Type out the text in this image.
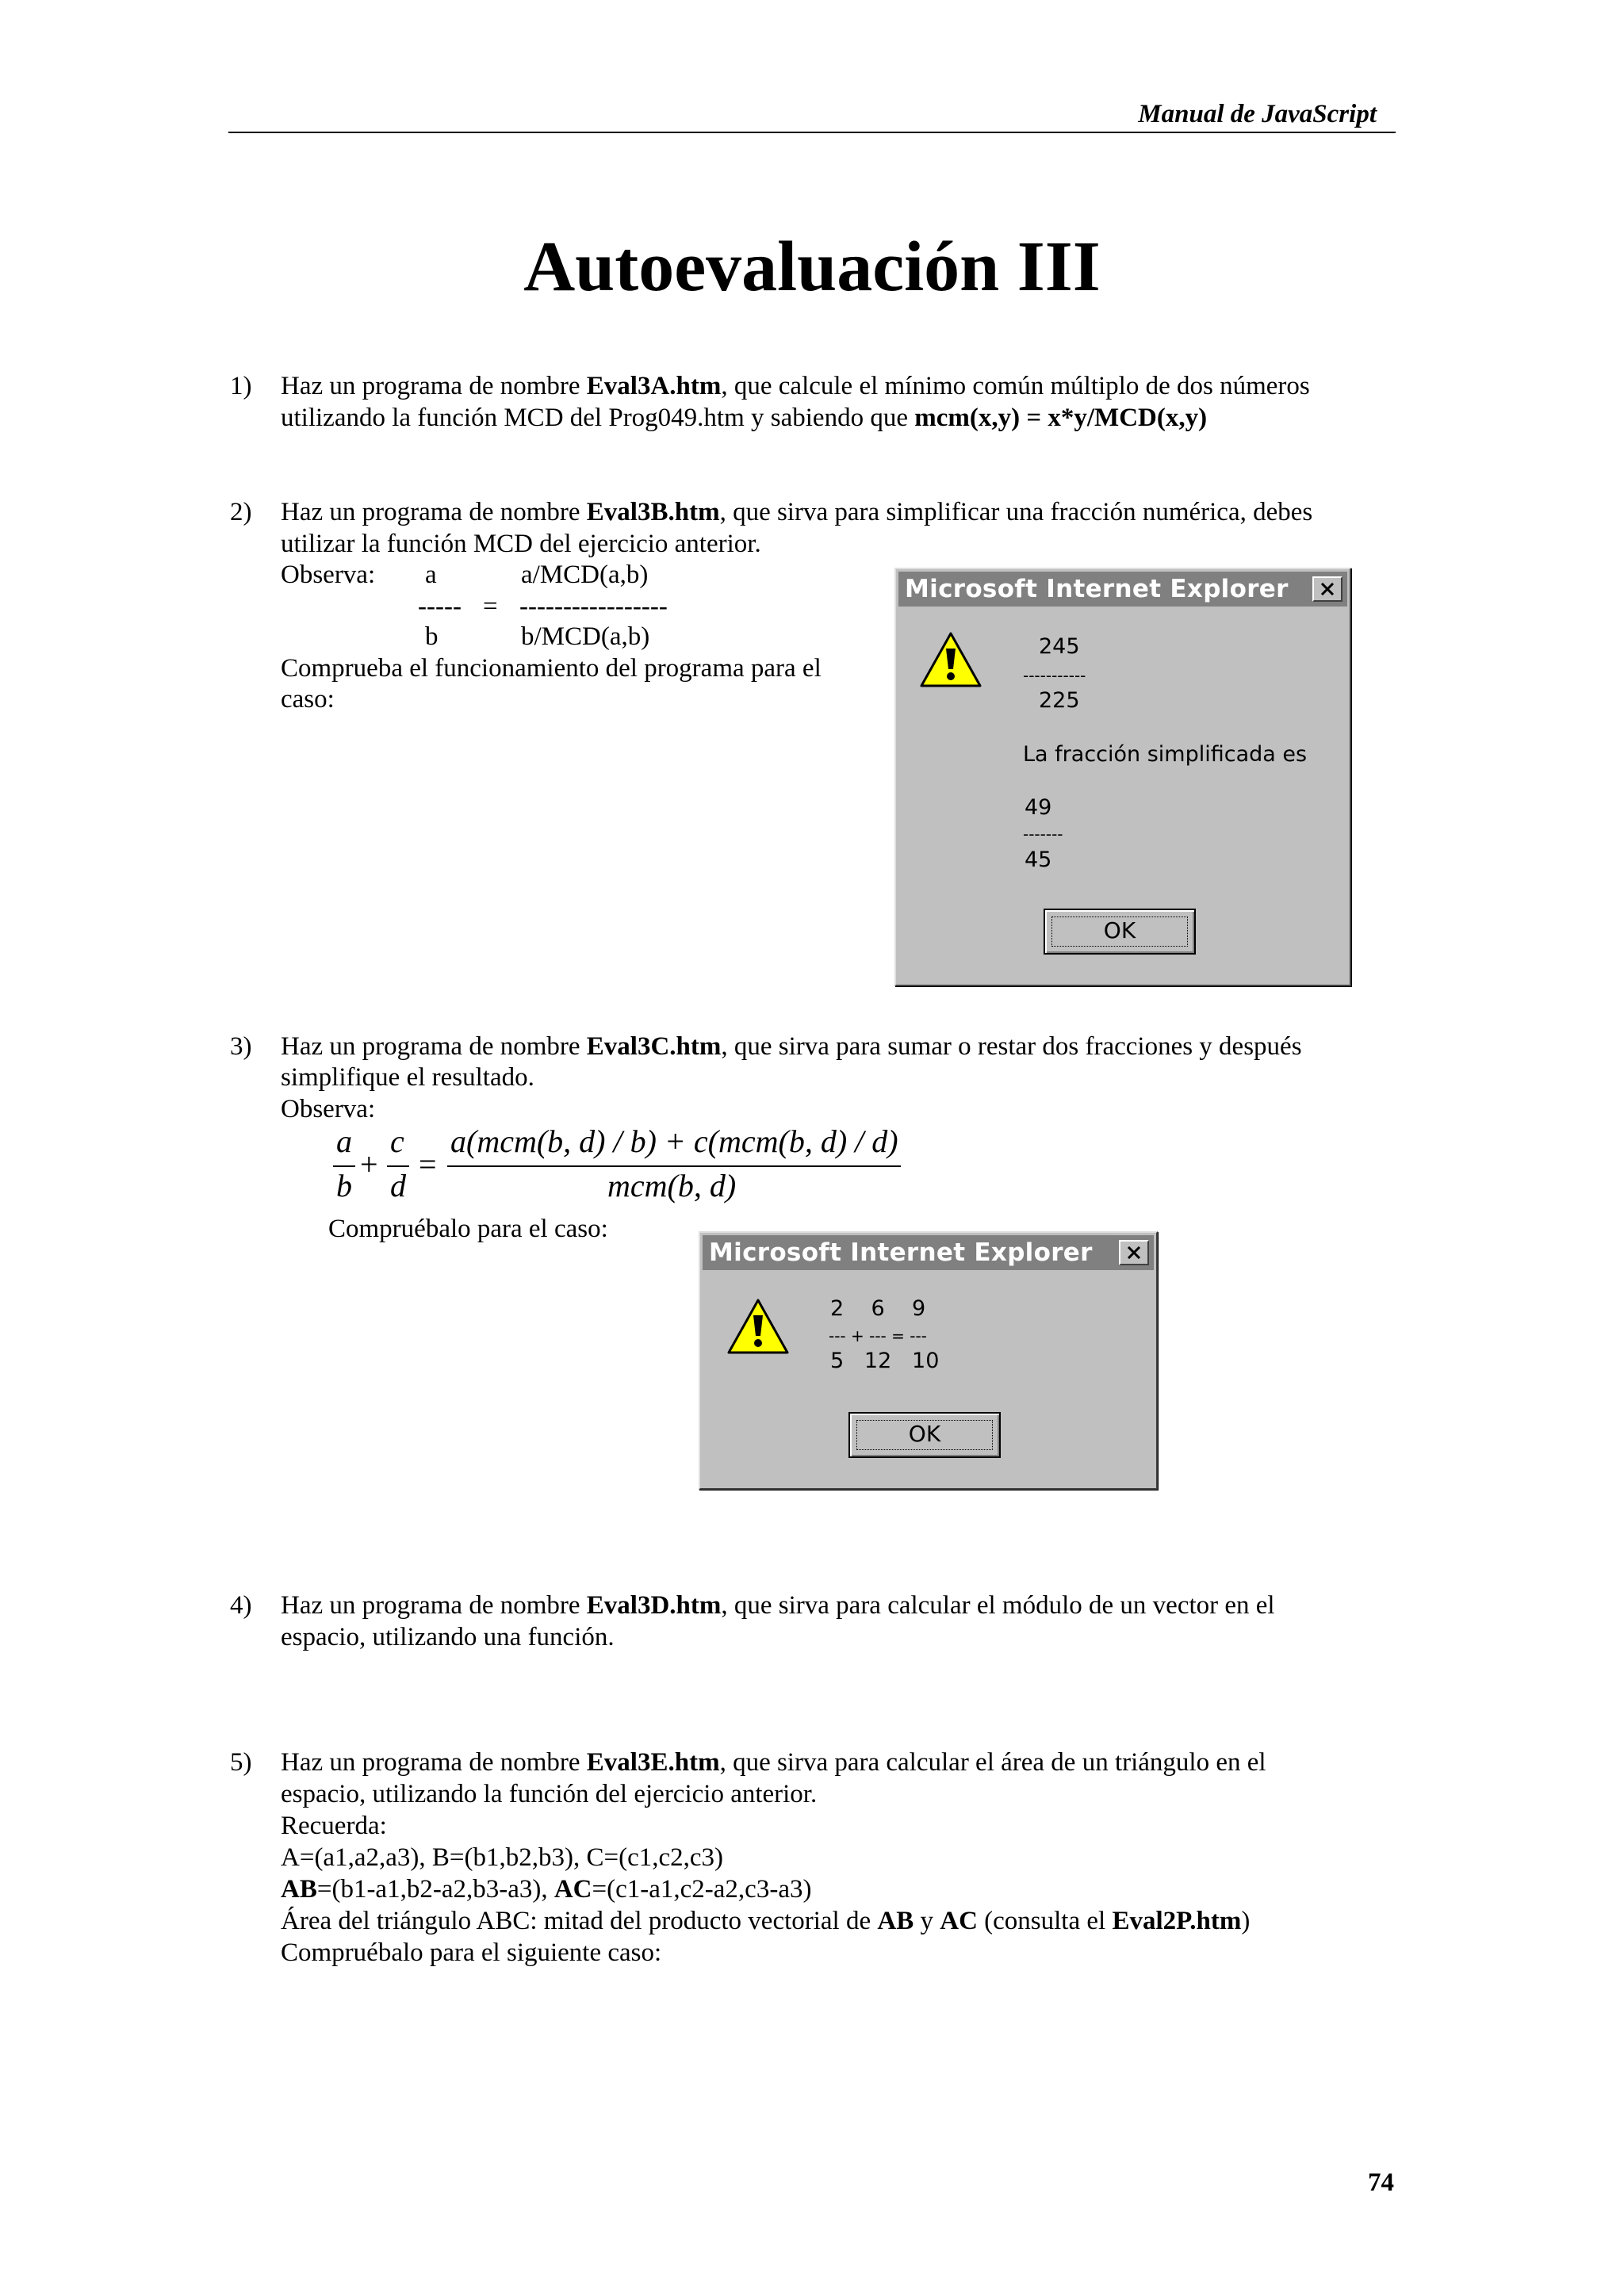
Manual de JavaScript
Autoevaluación III
1) Haz un programa de nombre Eval3A.htm, que calcule el mínimo común múltiplo de dos números
utilizando la función MCD del Prog049.htm y sabiendo que mcm(x,y) = x*y/MCD(x,y)
2) Haz un programa de nombre Eval3B.htm, que sirva para simplificar una fracción numérica, debes
utilizar la función MCD del ejercicio anterior.
Observa: a	a/MCD(a,b)
----- = -----------------
b	b/MCD(a,b)
Comprueba el funcionamiento del programa para el
caso:
Microsoft Internet Explorer
245
-----------
225
La fracción simplificada es
49
-------
45
OK
3) Haz un programa de nombre Eval3C.htm, que sirva para sumar o restar dos fracciones y después
simplifique el resultado.
Observa:
a
b
+
c
d
=
a(mcm(b, d) / b) + c(mcm(b, d) / d)
mcm(b, d)
Compruébalo para el caso:
Microsoft Internet Explorer
2    6    9
--- + --- = ---
5   12   10
OK
4) Haz un programa de nombre Eval3D.htm, que sirva para calcular el módulo de un vector en el
espacio, utilizando una función.
5) Haz un programa de nombre Eval3E.htm, que sirva para calcular el área de un triángulo en el
espacio, utilizando la función del ejercicio anterior.
Recuerda:
A=(a1,a2,a3), B=(b1,b2,b3), C=(c1,c2,c3)
AB=(b1-a1,b2-a2,b3-a3), AC=(c1-a1,c2-a2,c3-a3)
Área del triángulo ABC: mitad del producto vectorial de AB y AC (consulta el Eval2P.htm)
Compruébalo para el siguiente caso:
74
